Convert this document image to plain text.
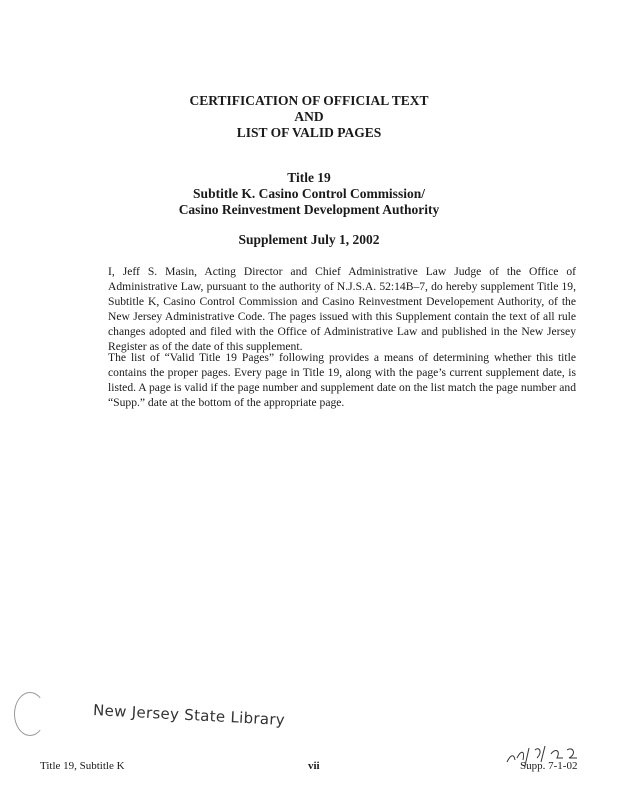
CERTIFICATION OF OFFICIAL TEXT
AND
LIST OF VALID PAGES
Title 19
Subtitle K. Casino Control Commission/
Casino Reinvestment Development Authority
Supplement July 1, 2002

I, Jeff S. Masin, Acting Director and Chief Administrative Law Judge of the Office of Administrative Law, pursuant to the authority of N.J.S.A. 52:14B–7, do hereby supplement Title 19, Subtitle K, Casino Control Commission and Casino Reinvestment Developement Authority, of the New Jersey Administrative Code. The pages issued with this Supplement contain the text of all rule changes adopted and filed with the Office of Administrative Law and published in the New Jersey Register as of the date of this supplement.

The list of “Valid Title 19 Pages” following provides a means of determining whether this title contains the proper pages. Every page in Title 19, along with the page’s current supplement date, is listed. A page is valid if the page number and supplement date on the list match the page number and “Supp.” date at the bottom of the appropriate page.

New Jersey State Library
Title 19, Subtitle K	vii	Supp. 7-1-02
